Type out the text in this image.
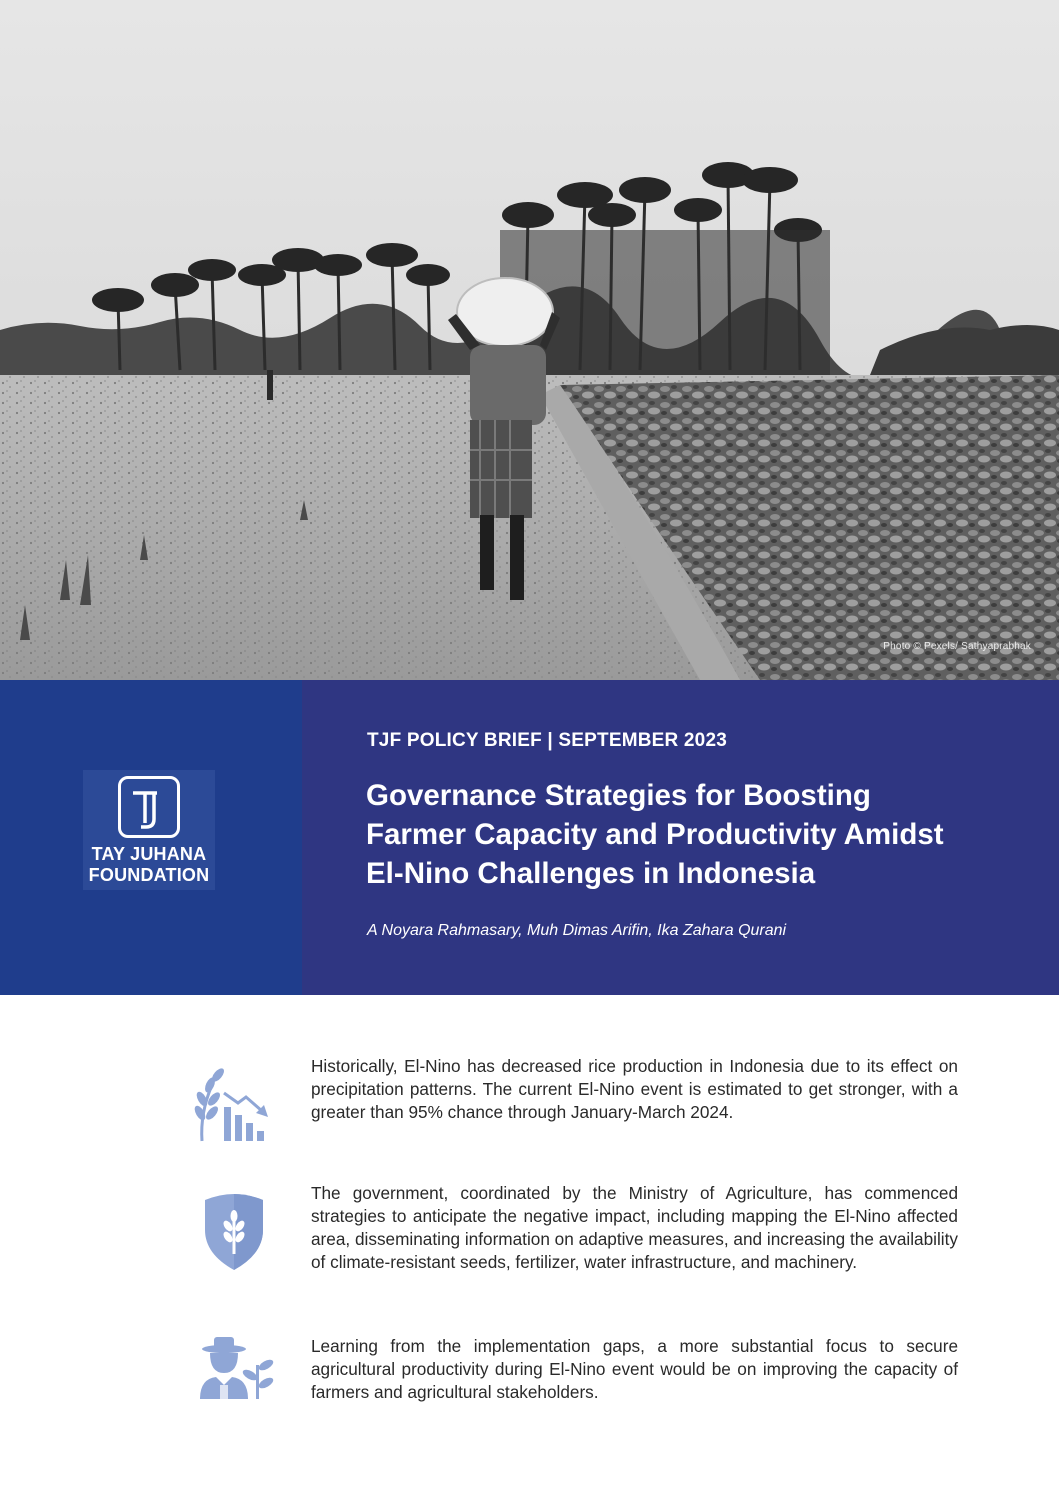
Photo © Pexels/ Sathyaprabhak
TAY JUHANA
FOUNDATION
TJF POLICY BRIEF | SEPTEMBER 2023
Governance Strategies for Boosting
Farmer Capacity and Productivity Amidst
El-Nino Challenges in Indonesia
A Noyara Rahmasary, Muh Dimas Arifin, Ika Zahara Qurani

Historically, El-Nino has decreased rice production in Indonesia due to its effect on precipitation patterns. The current El-Nino event is estimated to get stronger, with a greater than 95% chance through January-March 2024.

The government, coordinated by the Ministry of Agriculture, has commenced strategies to anticipate the negative impact, including mapping the El-Nino affected area, disseminating information on adaptive measures, and increasing the availability of climate-resistant seeds, fertilizer, water infrastructure, and machinery.

Learning from the implementation gaps, a more substantial focus to secure agricultural productivity during El-Nino event would be on improving the capacity of farmers and agricultural stakeholders.
